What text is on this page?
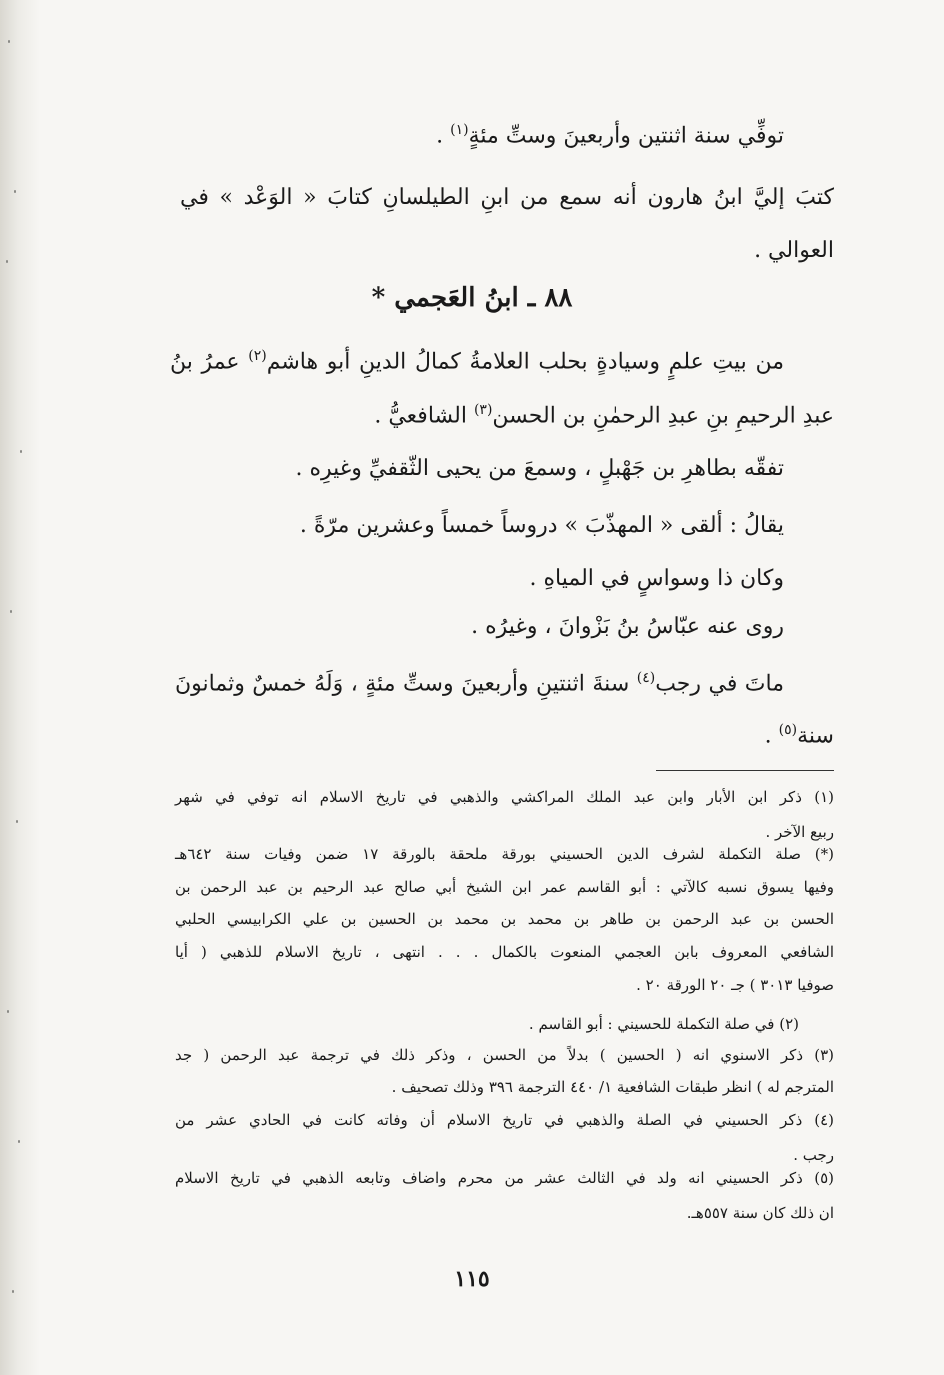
توفِّي سنة اثنتين وأربعينَ وستِّ مئةٍ$^{(١)}$ .
كتبَ إليَّ ابنُ هارون أنه سمع من ابنِ الطيلسانِ كتابَ « الوَعْد » في
العوالي .
٨٨ ـ ابنُ العَجمي *
من بيتِ علمٍ وسيادةٍ بحلب العلامةُ كمالُ الدينِ أبو هاشم$^{(٢)}$ عمرُ بنُ
عبدِ الرحيمِ بنِ عبدِ الرحمٰنِ بن الحسن$^{(٣)}$ الشافعيُّ .
تفقّه بطاهرِ بن جَهْبلٍ ، وسمعَ من يحيى الثّقفيِّ وغيرِه .
يقالُ : ألقى « المهذّبَ » دروساً خمساً وعشرين مرّةً .
وكان ذا وسواسٍ في المياهِ .
روى عنه عبّاسُ بنُ بَزْوانَ ، وغيرُه .
ماتَ في رجب$^{(٤)}$ سنةَ اثنتينِ وأربعينَ وستِّ مئةٍ ، وَلَهُ خمسٌ وثمانونَ
سنة$^{(٥)}$ .
(١) ذكر ابن الأبار وابن عبد الملك المراكشي والذهبي في تاريخ الاسلام انه توفي في شهر
ربيع الآخر .
(*) صلة التكملة لشرف الدين الحسيني بورقة ملحقة بالورقة ١٧ ضمن وفيات سنة ٦٤٢هـ
وفيها يسوق نسبه كالآتي : أبو القاسم عمر ابن الشيخ أبي صالح عبد الرحيم بن عبد الرحمن بن
الحسن بن عبد الرحمن بن طاهر بن محمد بن محمد بن الحسين بن علي الكرابيسي الحلبي
الشافعي المعروف بابن العجمي المنعوت بالكمال . . . انتهى ، تاريخ الاسلام للذهبي ( أيا
صوفيا ٣٠١٣ ) جـ ٢٠ الورقة ٢٠ .
(٢) في صلة التكملة للحسيني : أبو القاسم .
(٣) ذكر الاسنوي انه ( الحسين ) بدلاً من الحسن ، وذكر ذلك في ترجمة عبد الرحمن ( جد
المترجم له ) انظر طبقات الشافعية ١/ ٤٤٠ الترجمة ٣٩٦ وذلك تصحيف .
(٤) ذكر الحسيني في الصلة والذهبي في تاريخ الاسلام أن وفاته كانت في الحادي عشر من
رجب .
(٥) ذكر الحسيني انه ولد في الثالث عشر من محرم واضاف وتابعه الذهبي في تاريخ الاسلام
ان ذلك كان سنة ٥٥٧هـ.
١١٥
